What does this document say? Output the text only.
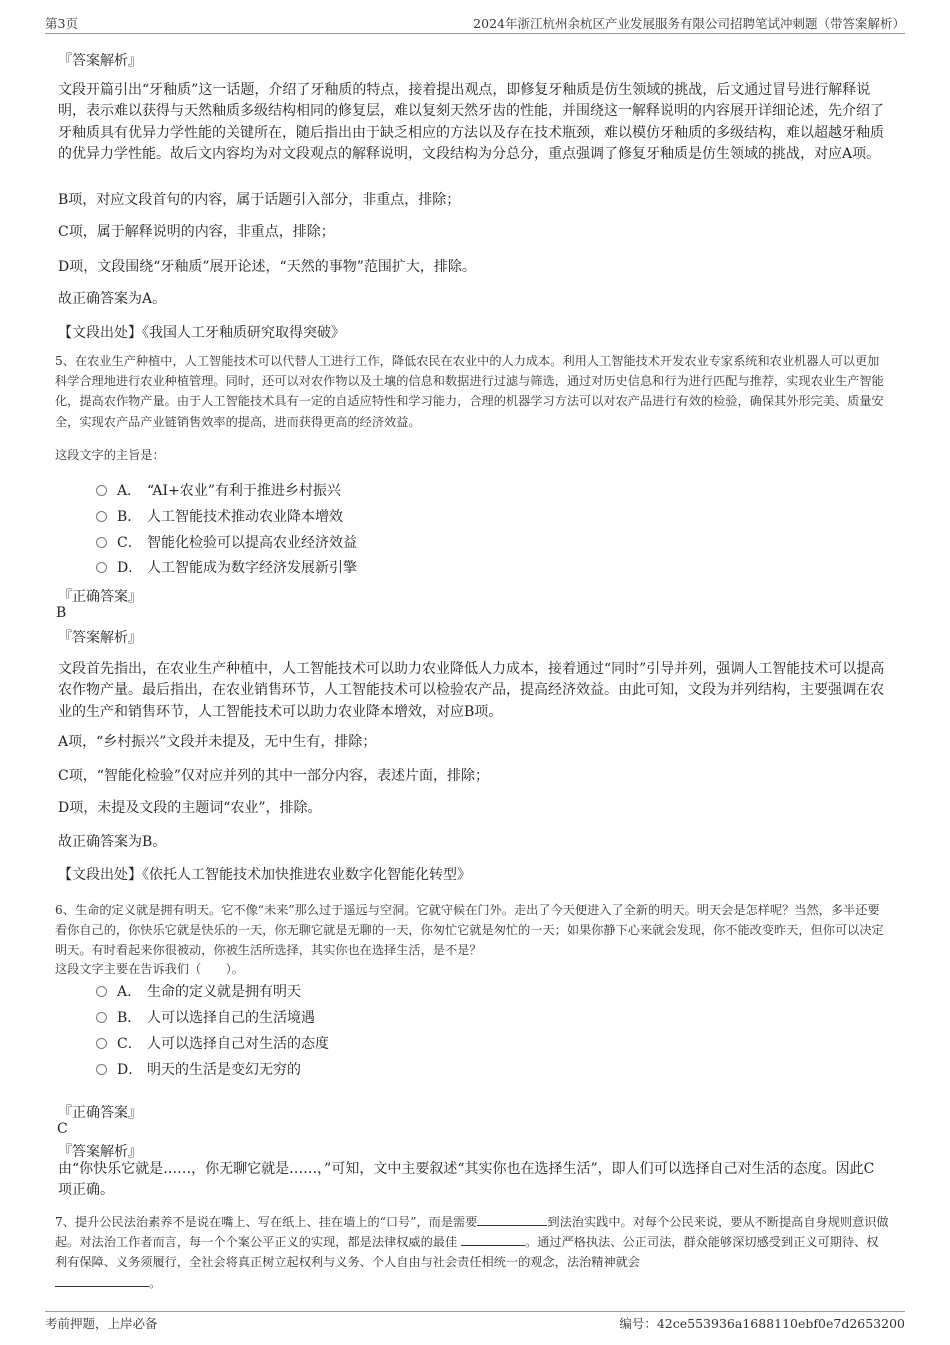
第3页	2024年浙江杭州余杭区产业发展服务有限公司招聘笔试冲刺题（带答案解析）
『答案解析』
文段开篇引出“牙釉质”这一话题，介绍了牙釉质的特点，接着提出观点，即修复牙釉质是仿生领域的挑战，后文通过冒号进行解释说明，表示难以获得与天然釉质多级结构相同的修复层，难以复刻天然牙齿的性能，并围绕这一解释说明的内容展开详细论述，先介绍了牙釉质具有优异力学性能的关键所在，随后指出由于缺乏相应的方法以及存在技术瓶颈，难以模仿牙釉质的多级结构，难以超越牙釉质的优异力学性能。故后文内容均为对文段观点的解释说明，文段结构为分总分，重点强调了修复牙釉质是仿生领域的挑战，对应A项。
B项，对应文段首句的内容，属于话题引入部分，非重点，排除；
C项，属于解释说明的内容，非重点，排除；
D项，文段围绕“牙釉质”展开论述，“天然的事物”范围扩大，排除。
故正确答案为A。
【文段出处】《我国人工牙釉质研究取得突破》
5、在农业生产种植中，人工智能技术可以代替人工进行工作，降低农民在农业中的人力成本。利用人工智能技术开发农业专家系统和农业机器人可以更加科学合理地进行农业种植管理。同时，还可以对农作物以及土壤的信息和数据进行过滤与筛选，通过对历史信息和行为进行匹配与推荐，实现农业生产智能化，提高农作物产量。由于人工智能技术具有一定的自适应特性和学习能力，合理的机器学习方法可以对农产品进行有效的检验，确保其外形完美、质量安全，实现农产品产业链销售效率的提高，进而获得更高的经济效益。
这段文字的主旨是：
A． “AI+农业”有利于推进乡村振兴
B． 人工智能技术推动农业降本增效
C． 智能化检验可以提高农业经济效益
D． 人工智能成为数字经济发展新引擎
『正确答案』
B
『答案解析』
文段首先指出，在农业生产种植中，人工智能技术可以助力农业降低人力成本，接着通过“同时”引导并列，强调人工智能技术可以提高农作物产量。最后指出，在农业销售环节，人工智能技术可以检验农产品，提高经济效益。由此可知，文段为并列结构，主要强调在农业的生产和销售环节，人工智能技术可以助力农业降本增效，对应B项。
A项，“乡村振兴”文段并未提及，无中生有，排除；
C项，“智能化检验”仅对应并列的其中一部分内容，表述片面，排除；
D项，未提及文段的主题词“农业”，排除。
故正确答案为B。
【文段出处】《依托人工智能技术加快推进农业数字化智能化转型》
6、生命的定义就是拥有明天。它不像“未来”那么过于遥远与空洞。它就守候在门外。走出了今天便进入了全新的明天。明天会是怎样呢？当然，多半还要看你自己的，你快乐它就是快乐的一天，你无聊它就是无聊的一天，你匆忙它就是匆忙的一天；如果你静下心来就会发现，你不能改变昨天，但你可以决定明天。有时看起来你很被动，你被生活所选择，其实你也在选择生活，是不是？
这段文字主要在告诉我们（　　）。
A． 生命的定义就是拥有明天
B． 人可以选择自己的生活境遇
C． 人可以选择自己对生活的态度
D． 明天的生活是变幻无穷的
『正确答案』
C
『答案解析』
由“你快乐它就是……，你无聊它就是……，”可知，文中主要叙述“其实你也在选择生活”，即人们可以选择自己对生活的态度。因此C项正确。
7、提升公民法治素养不是说在嘴上、写在纸上、挂在墙上的“口号”，而是需要	到法治实践中。对每个公民来说，要从不断提高自身规则意识做起。对法治工作者而言，每一个个案公平正义的实现，都是法律权威的最佳	。通过严格执法、公正司法，群众能够深切感受到正义可期待、权利有保障、义务须履行，全社会将真正树立起权利与义务、个人自由与社会责任相统一的观念，法治精神就会
。
考前押题，上岸必备	编号：42ce553936a1688110ebf0e7d2653200
